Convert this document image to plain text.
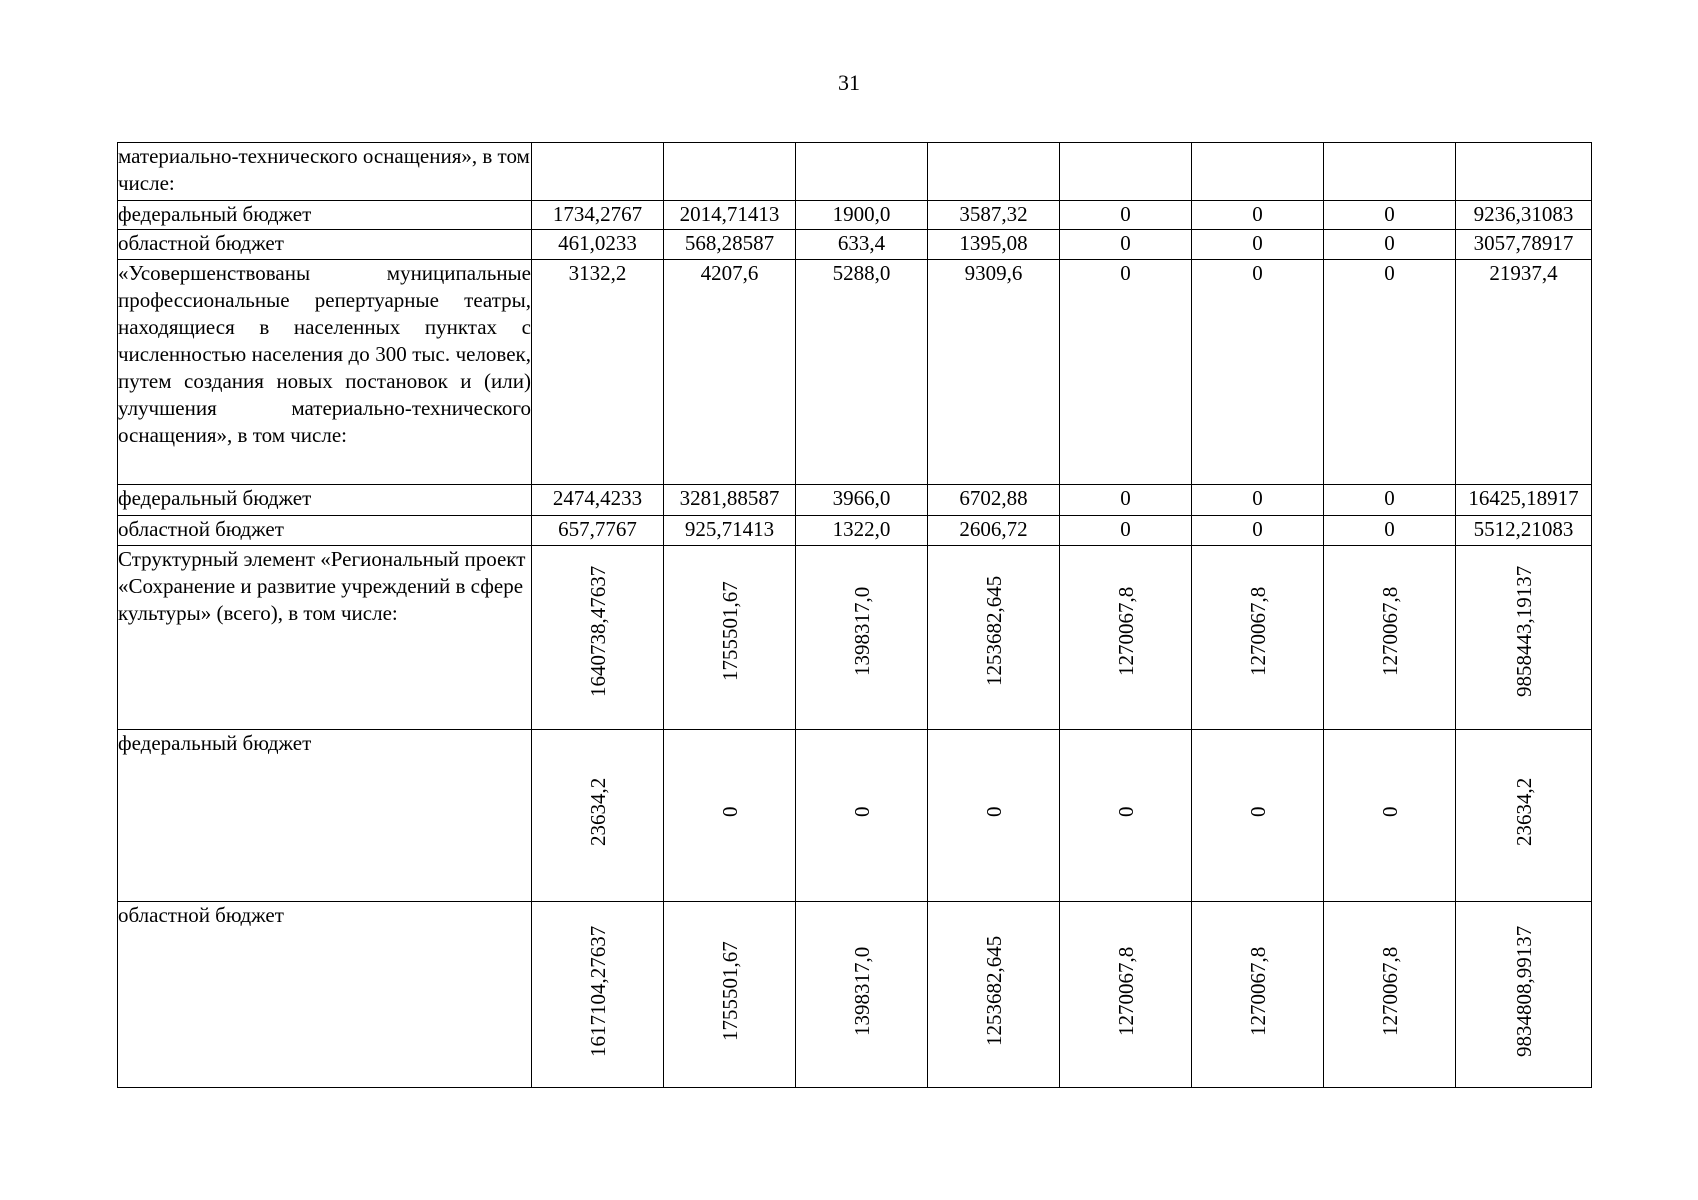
31
материально-технического оснащения», в том числе:								
федеральный бюджет	1734,2767	2014,71413	1900,0	3587,32	0	0	0	9236,31083
областной бюджет	461,0233	568,28587	633,4	1395,08	0	0	0	3057,78917
«Усовершенствованы муниципальные профессиональные репертуарные театры, находящиеся в населенных пунктах с численностью населения до 300 тыс. человек, путем создания новых постановок и (или) улучшения материально-технического оснащения», в том числе:	3132,2	4207,6	5288,0	9309,6	0	0	0	21937,4
федеральный бюджет	2474,4233	3281,88587	3966,0	6702,88	0	0	0	16425,18917
областной бюджет	657,7767	925,71413	1322,0	2606,72	0	0	0	5512,21083
Структурный элемент «Региональный проект «Сохранение и развитие учреждений в сфере культуры» (всего), в том числе:	1640738,47637	1755501,67	1398317,0	1253682,645	1270067,8	1270067,8	1270067,8	9858443,19137

федеральный бюджет	23634,2	0	0	0	0	0	0	23634,2

областной бюджет	1617104,27637	1755501,67	1398317,0	1253682,645	1270067,8	1270067,8	1270067,8	9834808,99137
